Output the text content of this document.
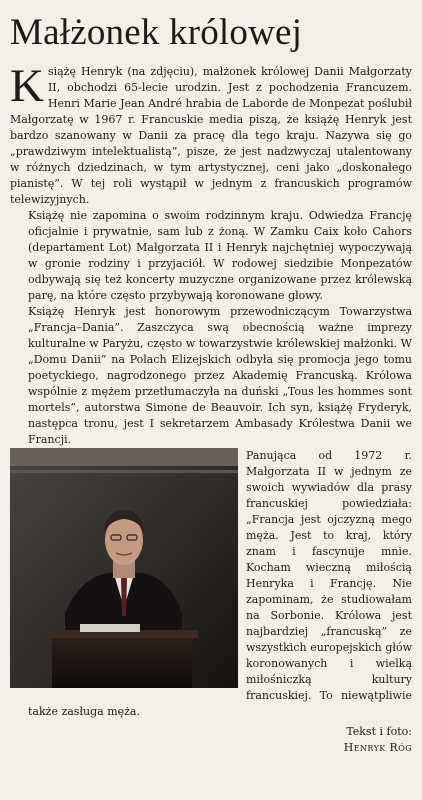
Małżonek królowej

Książę Henryk (na zdjęciu), małżonek królowej Danii Małgorzaty II, obchodzi 65-lecie urodzin. Jest z pochodzenia Francuzem. Henri Marie Jean André hrabia de Laborde de Monpezat poślubił Małgorzatę w 1967 r. Francuskie media piszą, że książę Henryk jest bardzo szanowany w Danii za pracę dla tego kraju. Nazywa się go „prawdziwym intelektualistą”, pisze, że jest nadzwyczaj utalentowany w różnych dziedzinach, w tym artystycznej, ceni jako „doskonałego pianistę”. W tej roli wystąpił w jednym z francuskich programów telewizyjnych.

Książę nie zapomina o swoim rodzinnym kraju. Odwiedza Francję oficjalnie i prywatnie, sam lub z żoną. W Zamku Caix koło Cahors (departament Lot) Małgorzata II i Henryk najchętniej wypoczywają w gronie rodziny i przyjaciół. W rodowej siedzibie Monpezatów odbywają się też koncerty muzyczne organizowane przez królewską parę, na które często przybywają koronowane głowy.

Książę Henryk jest honorowym przewodniczącym Towarzystwa „Francja–Dania”. Zaszczyca swą obecnością ważne imprezy kulturalne w Paryżu, często w towarzystwie królewskiej małżonki. W „Domu Danii” na Polach Elizejskich odbyła się promocja jego tomu poetyckiego, nagrodzonego przez Akademię Francuską. Królowa wspólnie z mężem przetłumaczyła na duński „Tous les hommes sont mortels”, autorstwa Simone de Beauvoir. Ich syn, książę Fryderyk, następca tronu, jest I sekretarzem Ambasady Królestwa Danii we Francji.

Panująca od 1972 r. Małgorzata II w jednym ze swoich wywiadów dla prasy francuskiej powiedziała: „Francja jest ojczyzną mego męża. Jest to kraj, który znam i fascynuje mnie. Kocham wieczną miłością Henryka i Francję. Nie zapominam, że studiowałam na Sorbonie. Królowa jest najbardziej „francuską” ze wszystkich europejskich głów koronowanych i wielką miłośniczką kultury francuskiej. To niewątpliwie także zasługa męża.

Tekst i foto:
Henryk Róg
